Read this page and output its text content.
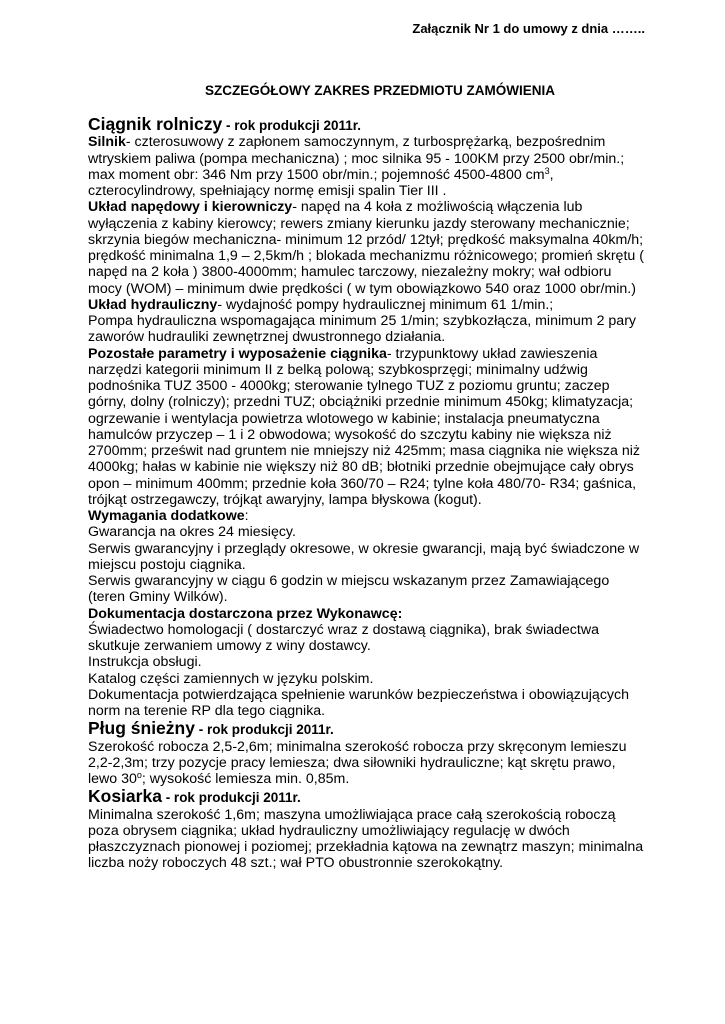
Załącznik Nr 1 do umowy z dnia ……..
SZCZEGÓŁOWY ZAKRES PRZEDMIOTU ZAMÓWIENIA

Ciągnik rolniczy - rok produkcji 2011r.

Silnik- czterosuwowy z zapłonem samoczynnym, z turbosprężarką, bezpośrednim wtryskiem paliwa (pompa mechaniczna) ; moc silnika 95 - 100KM przy 2500 obr/min.; max moment obr: 346 Nm przy 1500 obr/min.; pojemność 4500-4800 $cm^3$, czterocylindrowy, spełniający normę emisji spalin Tier III .

Układ napędowy i kierowniczy- napęd na 4 koła z możliwością włączenia lub wyłączenia z kabiny kierowcy; rewers zmiany kierunku jazdy sterowany mechanicznie; skrzynia biegów mechaniczna- minimum 12 przód/ 12tył; prędkość maksymalna 40km/h; prędkość minimalna 1,9 – 2,5km/h ; blokada mechanizmu różnicowego; promień skrętu ( napęd na 2 koła ) 3800-4000mm; hamulec tarczowy, niezależny mokry; wał odbioru mocy (WOM) – minimum dwie prędkości ( w tym obowiązkowo 540 oraz 1000 obr/min.)

Układ hydrauliczny- wydajność pompy hydraulicznej minimum 61 1/min.;

Pompa hydrauliczna wspomagająca minimum 25 1/min; szybkozłącza, minimum 2 pary zaworów hudrauliki zewnętrznej dwustronnego działania.

Pozostałe parametry i wyposażenie ciągnika- trzypunktowy układ zawieszenia narzędzi kategorii minimum II z belką polową; szybkosprzęgi; minimalny udźwig podnośnika TUZ 3500 - 4000kg; sterowanie tylnego TUZ z poziomu gruntu; zaczep górny, dolny (rolniczy); przedni TUZ; obciążniki przednie minimum 450kg; klimatyzacja; ogrzewanie i wentylacja powietrza wlotowego w kabinie; instalacja pneumatyczna hamulców przyczep – 1 i 2 obwodowa; wysokość do szczytu kabiny nie większa niż 2700mm; prześwit nad gruntem nie mniejszy niż 425mm; masa ciągnika nie większa niż 4000kg; hałas w kabinie nie większy niż 80 dB; błotniki przednie obejmujące cały obrys opon – minimum 400mm; przednie koła 360/70 – R24; tylne koła 480/70- R34; gaśnica, trójkąt ostrzegawczy, trójkąt awaryjny, lampa błyskowa (kogut).

Wymagania dodatkowe:

Gwarancja na okres 24 miesięcy.

Serwis gwarancyjny i przeglądy okresowe, w okresie gwarancji, mają być świadczone w miejscu postoju ciągnika.

Serwis gwarancyjny w ciągu 6 godzin w miejscu wskazanym przez Zamawiającego (teren Gminy Wilków).

Dokumentacja dostarczona przez Wykonawcę:

Świadectwo homologacji ( dostarczyć wraz z dostawą ciągnika), brak świadectwa skutkuje zerwaniem umowy z winy dostawcy.

Instrukcja obsługi.

Katalog części zamiennych w języku polskim.

Dokumentacja potwierdzająca spełnienie warunków bezpieczeństwa i obowiązujących norm na terenie RP dla tego ciągnika.

Pług śnieżny - rok produkcji 2011r.

Szerokość robocza 2,5-2,6m; minimalna szerokość robocza przy skręconym lemieszu 2,2-2,3m; trzy pozycje pracy lemiesza; dwa siłowniki hydrauliczne; kąt skrętu prawo, lewo 30$^o$; wysokość lemiesza min. 0,85m.

Kosiarka - rok produkcji 2011r.

Minimalna szerokość 1,6m; maszyna umożliwiająca prace całą szerokością roboczą poza obrysem ciągnika; układ hydrauliczny umożliwiający regulację w dwóch płaszczyznach pionowej i poziomej; przekładnia kątowa na zewnątrz maszyn; minimalna liczba noży roboczych 48 szt.; wał PTO obustronnie szerokokątny.
